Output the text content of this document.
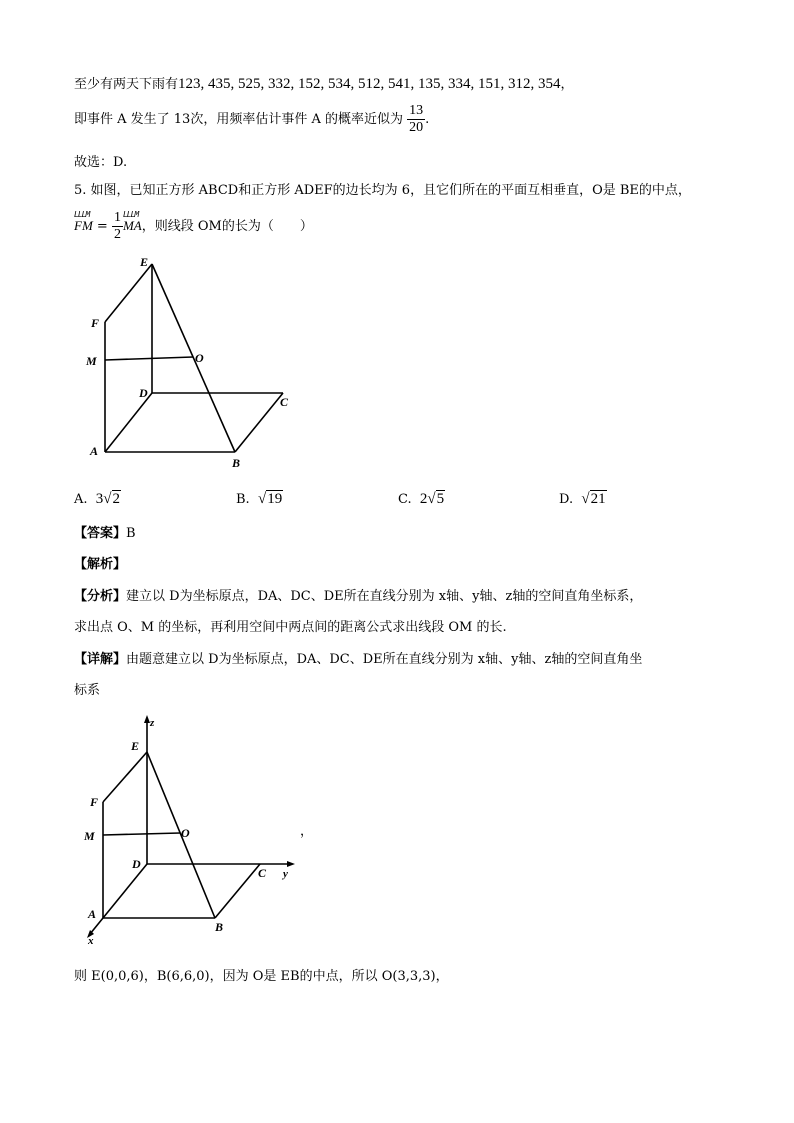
至少有两天下雨有123, 435, 525, 332, 152, 534, 512, 541, 135, 334, 151, 312, 354，
即事件 A 发生了 13次，用频率估计事件 A 的概率近似为 $\frac{13}{20}$ .
故选：D.
5. 如图，已知正方形 ABCD和正方形 ADEF的边长均为 6，且它们所在的平面互相垂直，O是 BE的中点，
LLLM
FM = $\frac{1}{2}$ LLLM
MA，则线段 OM的长为（　　）
E
F
M	O
D
C
A
B
A. 3√2	B. √19	C. 2√5	D. √21
【答案】B
【解析】
【分析】建立以 D为坐标原点，DA、DC、DE所在直线分别为 x轴、y轴、z轴的空间直角坐标系，
求出点 O、M 的坐标，再利用空间中两点间的距离公式求出线段 OM 的长.
【详解】由题意建立以 D为坐标原点，DA、DC、DE所在直线分别为 x轴、y轴、z轴的空间直角坐
标系
z
E
F
M	O
D
C y
A
B
x
，
则 E(0,0,6)，B(6,6,0)，因为 O是 EB的中点，所以 O(3,3,3)，
